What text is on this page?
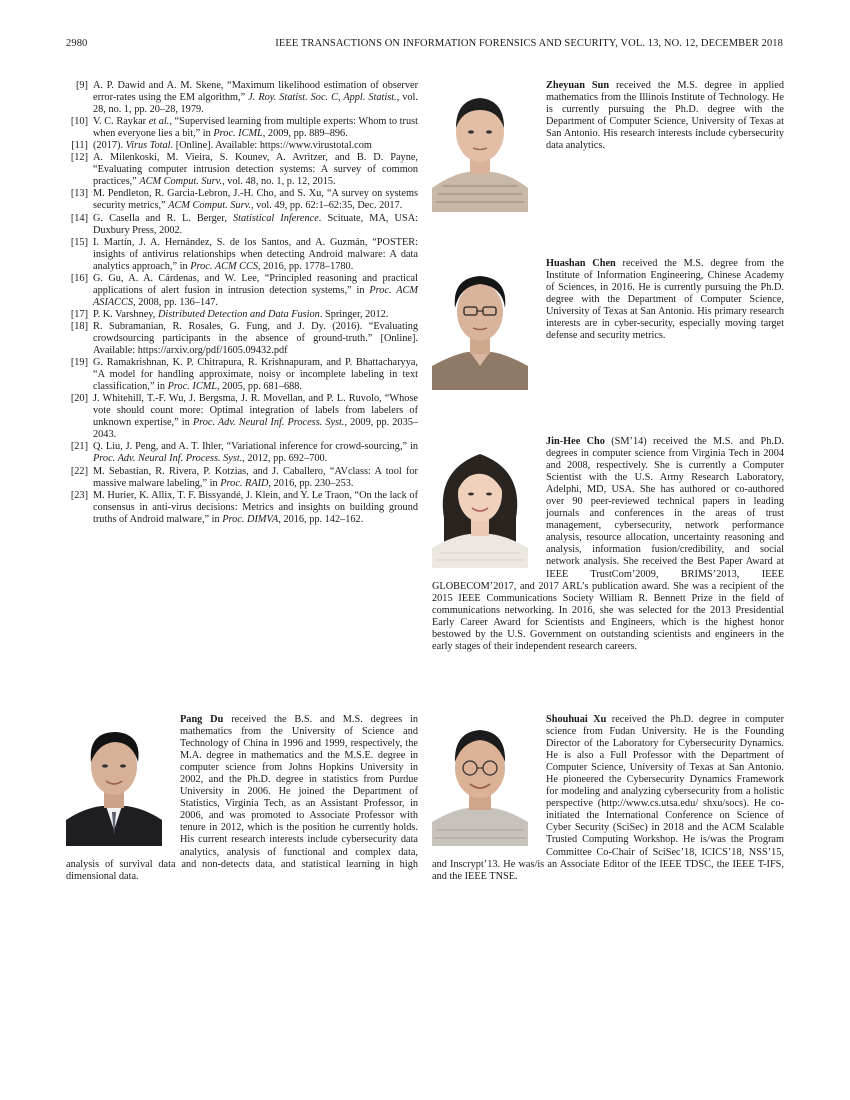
2980	IEEE TRANSACTIONS ON INFORMATION FORENSICS AND SECURITY, VOL. 13, NO. 12, DECEMBER 2018
[9] A. P. Dawid and A. M. Skene, “Maximum likelihood estimation of observer error-rates using the EM algorithm,” J. Roy. Statist. Soc. C, Appl. Statist., vol. 28, no. 1, pp. 20–28, 1979.
[10] V. C. Raykar et al., “Supervised learning from multiple experts: Whom to trust when everyone lies a bit,” in Proc. ICML, 2009, pp. 889–896.
[11] (2017). Virus Total. [Online]. Available: https://www.virustotal.com
[12] A. Milenkoski, M. Vieira, S. Kounev, A. Avritzer, and B. D. Payne, “Evaluating computer intrusion detection systems: A survey of common practices,” ACM Comput. Surv., vol. 48, no. 1, p. 12, 2015.
[13] M. Pendleton, R. Garcia-Lebron, J.-H. Cho, and S. Xu, “A survey on systems security metrics,” ACM Comput. Surv., vol. 49, pp. 62:1–62:35, Dec. 2017.
[14] G. Casella and R. L. Berger, Statistical Inference. Scituate, MA, USA: Duxbury Press, 2002.
[15] I. Martín, J. A. Hernández, S. de los Santos, and A. Guzmán, “POSTER: insights of antivirus relationships when detecting Android malware: A data analytics approach,” in Proc. ACM CCS, 2016, pp. 1778–1780.
[16] G. Gu, A. A. Cárdenas, and W. Lee, “Principled reasoning and practical applications of alert fusion in intrusion detection systems,” in Proc. ACM ASIACCS, 2008, pp. 136–147.
[17] P. K. Varshney, Distributed Detection and Data Fusion. Springer, 2012.
[18] R. Subramanian, R. Rosales, G. Fung, and J. Dy. (2016). “Evaluating crowdsourcing participants in the absence of ground-truth.” [Online]. Available: https://arxiv.org/pdf/1605.09432.pdf
[19] G. Ramakrishnan, K. P. Chitrapura, R. Krishnapuram, and P. Bhattacharyya, “A model for handling approximate, noisy or incomplete labeling in text classification,” in Proc. ICML, 2005, pp. 681–688.
[20] J. Whitehill, T.-F. Wu, J. Bergsma, J. R. Movellan, and P. L. Ruvolo, “Whose vote should count more: Optimal integration of labels from labelers of unknown expertise,” in Proc. Adv. Neural Inf. Process. Syst., 2009, pp. 2035–2043.
[21] Q. Liu, J. Peng, and A. T. Ihler, “Variational inference for crowd-sourcing,” in Proc. Adv. Neural Inf. Process. Syst., 2012, pp. 692–700.
[22] M. Sebastian, R. Rivera, P. Kotzias, and J. Caballero, “AVclass: A tool for massive malware labeling,” in Proc. RAID, 2016, pp. 230–253.
[23] M. Hurier, K. Allix, T. F. Bissyandé, J. Klein, and Y. Le Traon, “On the lack of consensus in anti-virus decisions: Metrics and insights on building ground truths of Android malware,” in Proc. DIMVA, 2016, pp. 142–162.
Zheyuan Sun received the M.S. degree in applied mathematics from the Illinois Institute of Technology. He is currently pursuing the Ph.D. degree with the Department of Computer Science, University of Texas at San Antonio. His research interests include cybersecurity data analytics.
Huashan Chen received the M.S. degree from the Institute of Information Engineering, Chinese Academy of Sciences, in 2016. He is currently pursuing the Ph.D. degree with the Department of Computer Science, University of Texas at San Antonio. His primary research interests are in cyber-security, especially moving target defense and security metrics.
Jin-Hee Cho (SM’14) received the M.S. and Ph.D. degrees in computer science from Virginia Tech in 2004 and 2008, respectively. She is currently a Computer Scientist with the U.S. Army Research Laboratory, Adelphi, MD, USA. She has authored or co-authored over 90 peer-reviewed technical papers in leading journals and conferences in the areas of trust management, cybersecurity, network performance analysis, resource allocation, uncertainty reasoning and analysis, information fusion/credibility, and social network analysis. She received the Best Paper Award at IEEE TrustCom’2009, BRIMS’2013, IEEE GLOBECOM’2017, and 2017 ARL’s publication award. She was a recipient of the 2015 IEEE Communications Society William R. Bennett Prize in the field of communications networking. In 2016, she was selected for the 2013 Presidential Early Career Award for Scientists and Engineers, which is the highest honor bestowed by the U.S. Government on outstanding scientists and engineers in the early stages of their independent research careers.
Pang Du received the B.S. and M.S. degrees in mathematics from the University of Science and Technology of China in 1996 and 1999, respectively, the M.A. degree in mathematics and the M.S.E. degree in computer science from Johns Hopkins University in 2002, and the Ph.D. degree in statistics from Purdue University in 2006. He joined the Department of Statistics, Virginia Tech, as an Assistant Professor, in 2006, and was promoted to Associate Professor with tenure in 2012, which is the position he currently holds. His current research interests include cybersecurity data analytics, analysis of functional and complex data, analysis of survival data and non-detects data, and statistical learning in high dimensional data.
Shouhuai Xu received the Ph.D. degree in computer science from Fudan University. He is the Founding Director of the Laboratory for Cybersecurity Dynamics. He is also a Full Professor with the Department of Computer Science, University of Texas at San Antonio. He pioneered the Cybersecurity Dynamics Framework for modeling and analyzing cybersecurity from a holistic perspective (http://www.cs.utsa.edu/ shxu/socs). He co-initiated the International Conference on Science of Cyber Security (SciSec) in 2018 and the ACM Scalable Trusted Computing Workshop. He is/was the Program Committee Co-Chair of SciSec’18, ICICS’18, NSS’15, and Inscrypt’13. He was/is an Associate Editor of the IEEE TDSC, the IEEE T-IFS, and the IEEE TNSE.
